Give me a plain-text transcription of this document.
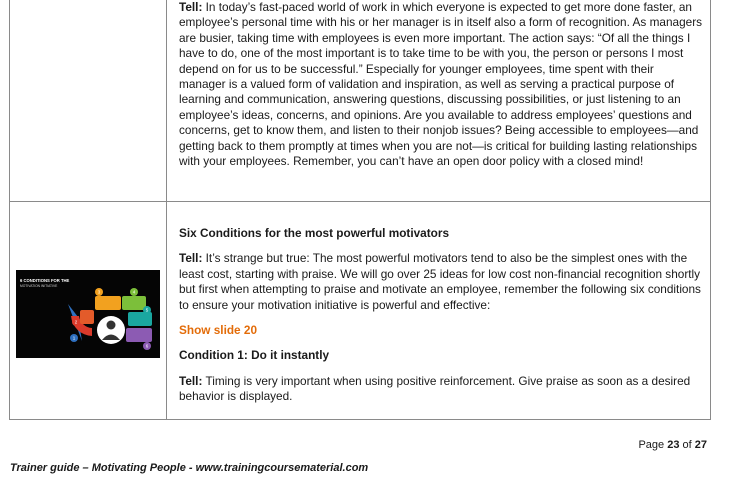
Tell: In today’s fast-paced world of work in which everyone is expected to get more done faster, an employee’s personal time with his or her manager is in itself also a form of recognition. As managers are busier, taking time with employees is even more important. The action says: “Of all the things I have to do, one of the most important is to take time to be with you, the person or persons I most depend on for us to be successful.” Especially for younger employees, time spent with their manager is a valued form of validation and inspiration, as well as serving a practical purpose of learning and communication, answering questions, discussing possibilities, or just listening to an employee’s ideas, concerns, and opinions. Are you available to address employees’ questions and concerns, get to know them, and listen to their nonjob issues? Being accessible to employees—and getting back to them promptly at times when you are not—is critical for building lasting relationships with your employees. Remember, you can’t have an open door policy with a closed mind!

Six Conditions for the most powerful motivators

Tell: It’s strange but true: The most powerful motivators tend to also be the simplest ones with the least cost, starting with praise. We will go over 25 ideas for low cost non-financial recognition shortly but first when attempting to praise and motivate an employee, remember the following six conditions to ensure your motivation initiative is powerful and effective:

Show slide 20

Condition 1: Do it instantly

Tell: Timing is very important when using positive reinforcement. Give praise as soon as a desired behavior is displayed.

6 CONDITIONS FOR THE
MOTIVATION INITIATIVE
2
3	4
5
6
1
Page 23 of 27
Trainer guide – Motivating People - www.trainingcoursematerial.com
